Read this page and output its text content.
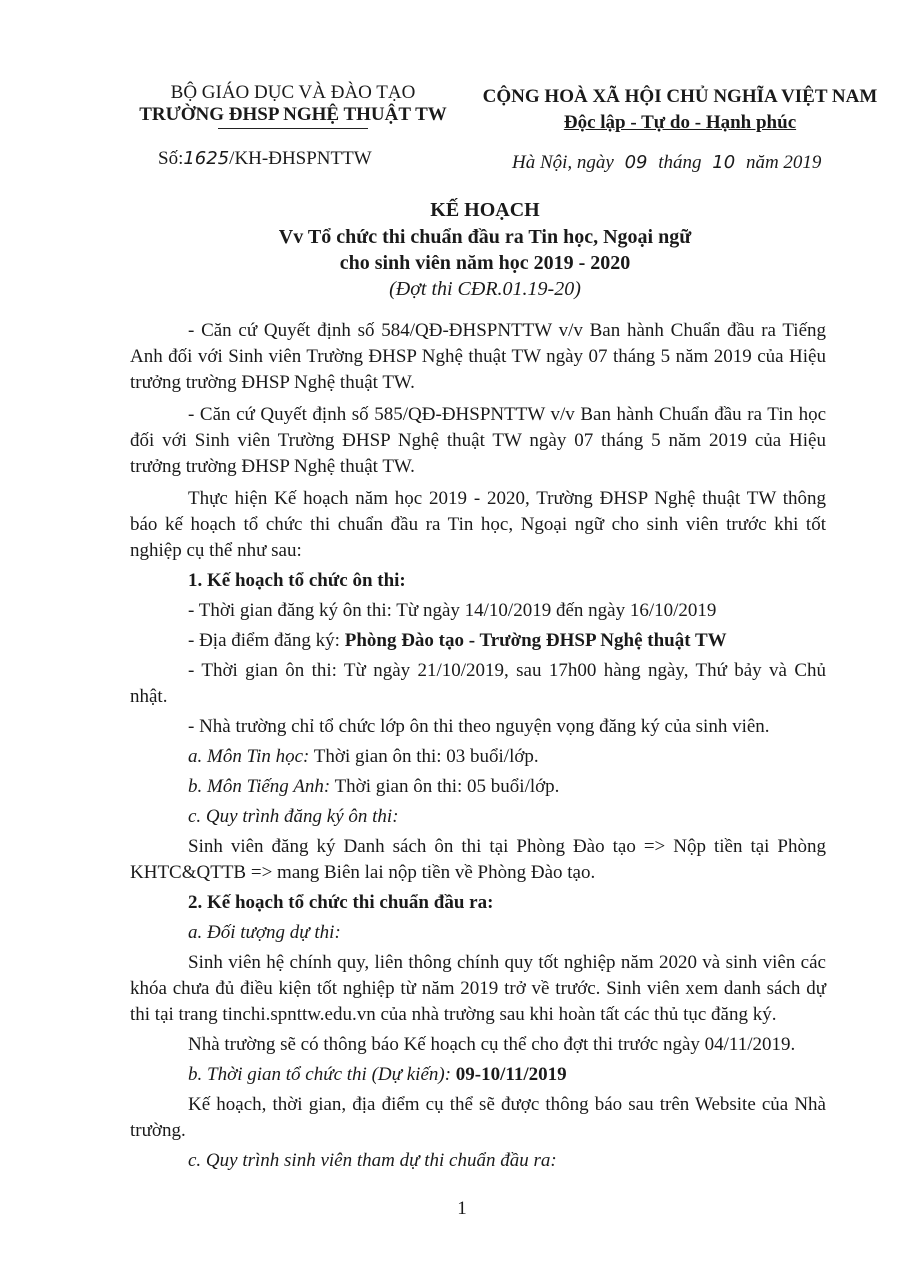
BỘ GIÁO DỤC VÀ ĐÀO TẠO
TRƯỜNG ĐHSP NGHỆ THUẬT TW
CỘNG HOÀ XÃ HỘI CHỦ NGHĨA VIỆT NAM
Độc lập - Tự do - Hạnh phúc
Số:1625/KH-ĐHSPNTTW	Hà Nội, ngày 09 tháng 10 năm 2019
KẾ HOẠCH
Vv Tổ chức thi chuẩn đầu ra Tin học, Ngoại ngữ
cho sinh viên năm học 2019 - 2020
(Đợt thi CĐR.01.19-20)

- Căn cứ Quyết định số 584/QĐ-ĐHSPNTTW v/v Ban hành Chuẩn đầu ra Tiếng Anh đối với Sinh viên Trường ĐHSP Nghệ thuật TW ngày 07 tháng 5 năm 2019 của Hiệu trưởng trường ĐHSP Nghệ thuật TW.

- Căn cứ Quyết định số 585/QĐ-ĐHSPNTTW v/v Ban hành Chuẩn đầu ra Tin học đối với Sinh viên Trường ĐHSP Nghệ thuật TW ngày 07 tháng 5 năm 2019 của Hiệu trưởng trường ĐHSP Nghệ thuật TW.

Thực hiện Kế hoạch năm học 2019 - 2020, Trường ĐHSP Nghệ thuật TW thông báo kế hoạch tổ chức thi chuẩn đầu ra Tin học, Ngoại ngữ cho sinh viên trước khi tốt nghiệp cụ thể như sau:

1. Kế hoạch tổ chức ôn thi:

- Thời gian đăng ký ôn thi: Từ ngày 14/10/2019 đến ngày 16/10/2019

- Địa điểm đăng ký: Phòng Đào tạo - Trường ĐHSP Nghệ thuật TW

- Thời gian ôn thi: Từ ngày 21/10/2019, sau 17h00 hàng ngày, Thứ bảy và Chủ nhật.

- Nhà trường chỉ tổ chức lớp ôn thi theo nguyện vọng đăng ký của sinh viên.

a. Môn Tin học: Thời gian ôn thi: 03 buổi/lớp.

b. Môn Tiếng Anh: Thời gian ôn thi: 05 buổi/lớp.

c. Quy trình đăng ký ôn thi:

Sinh viên đăng ký Danh sách ôn thi tại Phòng Đào tạo => Nộp tiền tại Phòng KHTC&QTTB => mang Biên lai nộp tiền về Phòng Đào tạo.

2. Kế hoạch tổ chức thi chuẩn đầu ra:

a. Đối tượng dự thi:

Sinh viên hệ chính quy, liên thông chính quy tốt nghiệp năm 2020 và sinh viên các khóa chưa đủ điều kiện tốt nghiệp từ năm 2019 trở về trước. Sinh viên xem danh sách dự thi tại trang tinchi.spnttw.edu.vn của nhà trường sau khi hoàn tất các thủ tục đăng ký.

Nhà trường sẽ có thông báo Kế hoạch cụ thể cho đợt thi trước ngày 04/11/2019.

b. Thời gian tổ chức thi (Dự kiến): 09-10/11/2019

Kế hoạch, thời gian, địa điểm cụ thể sẽ được thông báo sau trên Website của Nhà trường.

c. Quy trình sinh viên tham dự thi chuẩn đầu ra:

1
